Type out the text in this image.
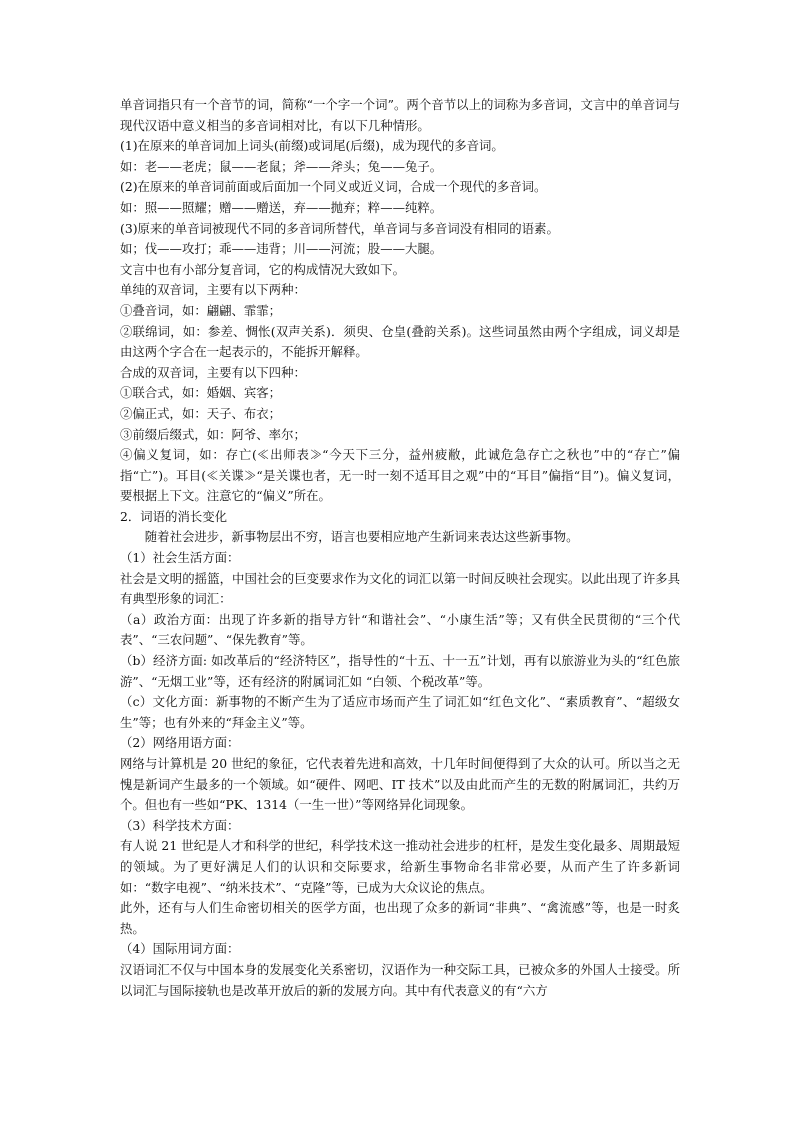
单音词指只有一个音节的词，简称“一个字一个词”。两个音节以上的词称为多音词，文言中的单音词与现代汉语中意义相当的多音词相对比，有以下几种情形。

(1)在原来的单音词加上词头(前缀)或词尾(后缀)，成为现代的多音词。

如：老——老虎；鼠——老鼠；斧——斧头；兔——兔子。

(2)在原来的单音词前面或后面加一个同义或近义词，合成一个现代的多音词。

如：照——照耀；赠——赠送，弃——抛弃；粹——纯粹。

(3)原来的单音词被现代不同的多音词所替代，单音词与多音词没有相同的语素。

如；伐——攻打；乖——违背；川——河流；股——大腿。

文言中也有小部分复音词，它的构成情况大致如下。

单纯的双音词，主要有以下两种：

①叠音词，如：翩翩、霏霏；

②联绵词，如：参差、惆怅(双声关系)．须臾、仓皇(叠韵关系)。这些词虽然由两个字组成，词义却是由这两个字合在一起表示的，不能拆开解释。

合成的双音词，主要有以下四种：

①联合式，如：婚姻、宾客；

②偏正式，如：天子、布衣；

③前缀后缀式，如：阿爷、率尔；

④偏义复词，如：存亡(≪出师表≫“今天下三分，益州疲敝，此诚危急存亡之秋也”中的“存亡”偏指“亡”)。耳目(≪关谍≫“是关谍也者，无一时一刻不适耳目之观”中的“耳目”偏指“目”)。偏义复词，要根据上下文。注意它的“偏义”所在。

2．词语的消长变化

随着社会进步，新事物层出不穷，语言也要相应地产生新词来表达这些新事物。

（1）社会生活方面：

社会是文明的摇篮，中国社会的巨变要求作为文化的词汇以第一时间反映社会现实。以此出现了许多具有典型形象的词汇：

（a）政治方面：出现了许多新的指导方针“和谐社会”、“小康生活”等；又有供全民贯彻的“三个代表”、“三农问题”、“保先教育”等。

（b）经济方面: 如改革后的“经济特区”，指导性的“十五、十一五”计划，再有以旅游业为头的“红色旅游”、“无烟工业”等，还有经济的附属词汇如 “白领、个税改革”等。

（c）文化方面：新事物的不断产生为了适应市场而产生了词汇如“红色文化”、“素质教育”、“超级女生”等；也有外来的“拜金主义”等。

（2）网络用语方面：

网络与计算机是 20 世纪的象征，它代表着先进和高效，十几年时间便得到了大众的认可。所以当之无愧是新词产生最多的一个领域。如“硬件、网吧、IT 技术”以及由此而产生的无数的附属词汇，共约万个。但也有一些如“PK、1314（一生一世）”等网络异化词现象。

（3）科学技术方面：

有人说 21 世纪是人才和科学的世纪，科学技术这一推动社会进步的杠杆，是发生变化最多、周期最短的领域。为了更好满足人们的认识和交际要求，给新生事物命名非常必要，从而产生了许多新词如：“数字电视”、“纳米技术”、“克隆”等，已成为大众议论的焦点。

此外，还有与人们生命密切相关的医学方面，也出现了众多的新词“非典”、“禽流感”等，也是一时炙热。

（4）国际用词方面：

汉语词汇不仅与中国本身的发展变化关系密切，汉语作为一种交际工具，已被众多的外国人士接受。所以词汇与国际接轨也是改革开放后的新的发展方向。其中有代表意义的有“六方
